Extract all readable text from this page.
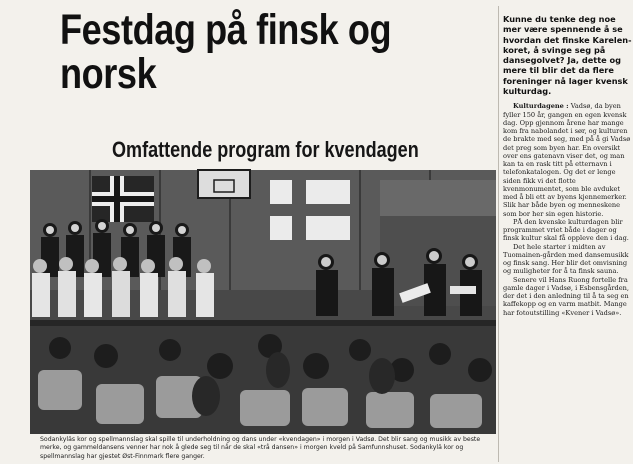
Festdag på finsk og norsk
Omfattende program for kvendagen

Sodankyläs kor og spellmannslag skal spille til underholdning og dans under «kvendagen» i morgen i Vadsø. Det blir sang og musikk av beste merke, og gammeldansens venner har nok å glede seg til når de skal «trå dansen» i morgen kveld på Samfunnshuset. Sodankylä kor og spellmannslag har gjestet Øst-Finnmark flere ganger.

Kunne du tenke deg noe mer være spennende å se hvordan det finske Karelen-koret, å svinge seg på dansegolvet? Ja, dette og mere til blir det da flere foreninger nå lager kvensk kulturdag.

Kulturdagene : Vadsø, da byen fyller 150 år, gangen en egen kvensk dag. Opp gjennom årene har mange kom fra nabolandet i sør, og kulturen de brakte med seg, med på å gi Vadsø det preg som byen har. En oversikt over ens gatenavn viser det, og man kan ta en rask titt på etternavn i telefonkatalogen. Og det er lenge siden fikk vi det flotte kvenmonumentet, som ble avduket med å bli ett av byens kjennemerker. Slik har både byen og menneskene som bor her sin egen historie.

PÅ den kvenske kulturdagen blir programmet vriet både i dager og finsk kultur skal få oppleve den i dag.

Det hele starter i midten av Tuomainen-gården med dansemusikk og finsk sang. Her blir det omvisning og muligheter for å ta finsk sauna.

Senere vil Hans Ruong fortelle fra gamle dager i Vadsø, i Esbensgården, der det i den anledning til å ta seg en kaffekopp og en varm matbit. Mange har fotoutstilling «Kvener i Vadsø».
